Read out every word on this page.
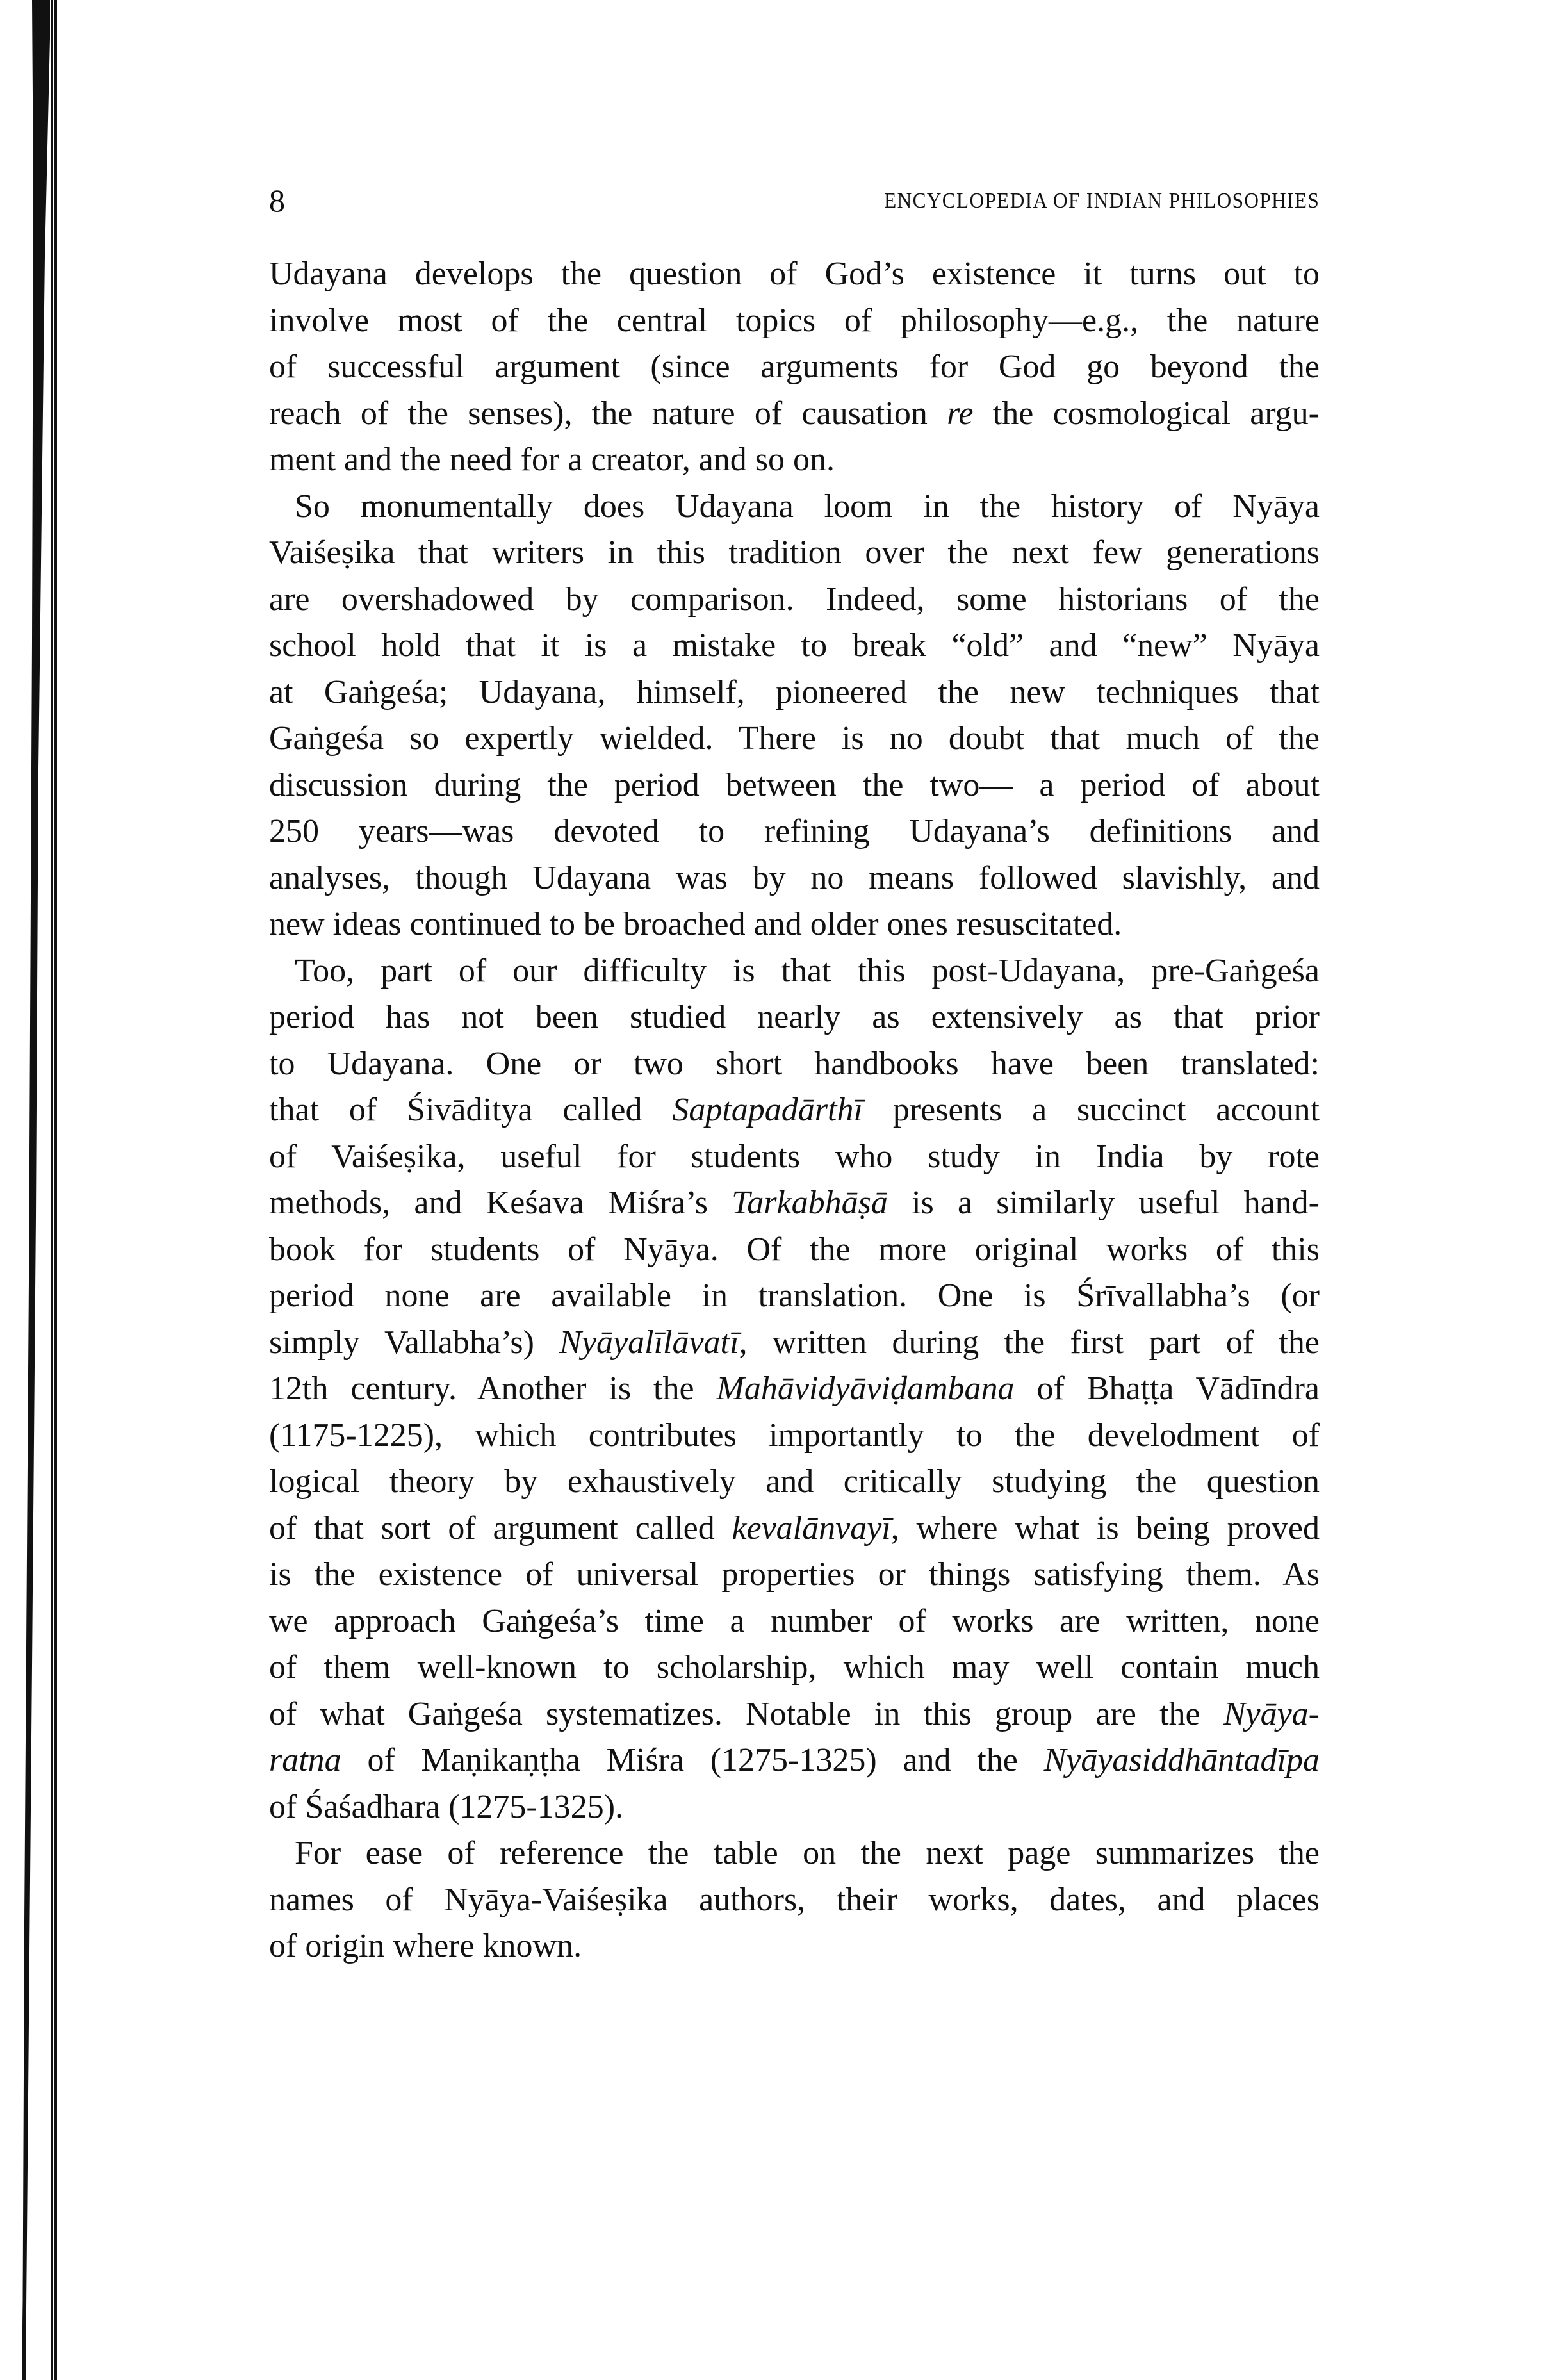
8	ENCYCLOPEDIA OF INDIAN PHILOSOPHIES
Udayana develops the question of God’s existence it turns out to
involve most of the central topics of philosophy—e.g., the nature
of successful argument (since arguments for God go beyond the
reach of the senses), the nature of causation re the cosmological argu-
ment and the need for a creator, and so on.
So monumentally does Udayana loom in the history of Nyāya
Vaiśeṣika that writers in this tradition over the next few generations
are overshadowed by comparison. Indeed, some historians of the
school hold that it is a mistake to break “old” and “new” Nyāya
at Gaṅgeśa; Udayana, himself, pioneered the new techniques that
Gaṅgeśa so expertly wielded. There is no doubt that much of the
discussion during the period between the two— a period of about
250 years—was devoted to refining Udayana’s definitions and
analyses, though Udayana was by no means followed slavishly, and
new ideas continued to be broached and older ones resuscitated.
Too, part of our difficulty is that this post-Udayana, pre-Gaṅgeśa
period has not been studied nearly as extensively as that prior
to Udayana. One or two short handbooks have been translated:
that of Śivāditya called Saptapadārthī presents a succinct account
of Vaiśeṣika, useful for students who study in India by rote
methods, and Keśava Miśra’s Tarkabhāṣā is a similarly useful hand-
book for students of Nyāya. Of the more original works of this
period none are available in translation. One is Śrīvallabha’s (or
simply Vallabha’s) Nyāyalīlāvatī, written during the first part of the
12th century. Another is the Mahāvidyāviḍambana of Bhaṭṭa Vādīndra
(1175-1225), which contributes importantly to the develodment of
logical theory by exhaustively and critically studying the question
of that sort of argument called kevalānvayī, where what is being proved
is the existence of universal properties or things satisfying them. As
we approach Gaṅgeśa’s time a number of works are written, none
of them well-known to scholarship, which may well contain much
of what Gaṅgeśa systematizes. Notable in this group are the Nyāya-
ratna of Maṇikaṇṭha Miśra (1275-1325) and the Nyāyasiddhāntadīpa
of Śaśadhara (1275-1325).
For ease of reference the table on the next page summarizes the
names of Nyāya-Vaiśeṣika authors, their works, dates, and places
of origin where known.
